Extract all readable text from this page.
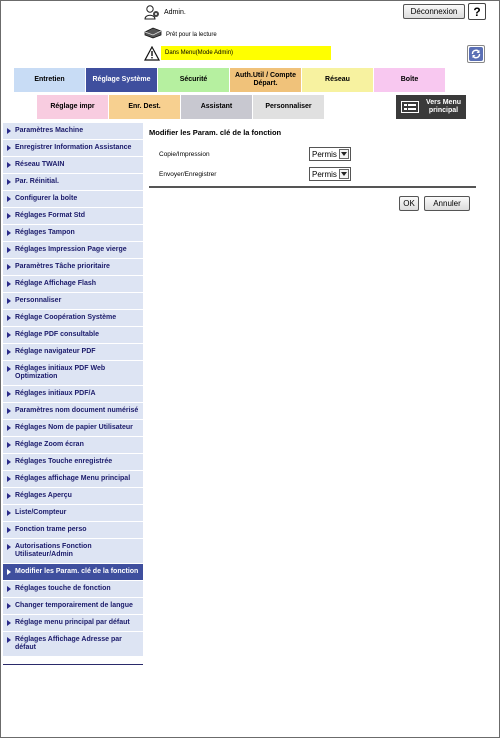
Admin.	Déconnexion	?
Prêt pour la lecture
Dans Menu(Mode Admin)
Entretien	Réglage Système	Sécurité
Auth.Util / Compte Départ.
Réseau	Boîte
Réglage impr	Enr. Dest.	Assistant	Personnaliser
Vers Menu principal
Paramètres Machine
Enregistrer Information Assistance
Réseau TWAIN
Par. Réinitial.
Configurer la boîte
Réglages Format Std
Réglages Tampon
Réglages Impression Page vierge
Paramètres Tâche prioritaire
Réglage Affichage Flash
Personnaliser
Réglage Coopération Système
Réglage PDF consultable
Réglage navigateur PDF
Réglages initiaux PDF Web Optimization
Réglages initiaux PDF/A
Paramètres nom document numérisé
Réglages Nom de papier Utilisateur
Réglage Zoom écran
Réglages Touche enregistrée
Réglages affichage Menu principal
Réglages Aperçu
Liste/Compteur
Fonction trame perso
Autorisations Fonction Utilisateur/Admin
Modifier les Param. clé de la fonction
Réglages touche de fonction
Changer temporairement de langue
Réglage menu principal par défaut
Réglages Affichage Adresse par défaut
Modifier les Param. clé de la fonction
Copie/Impression	Permis
Envoyer/Enregistrer	Permis
OK	Annuler
